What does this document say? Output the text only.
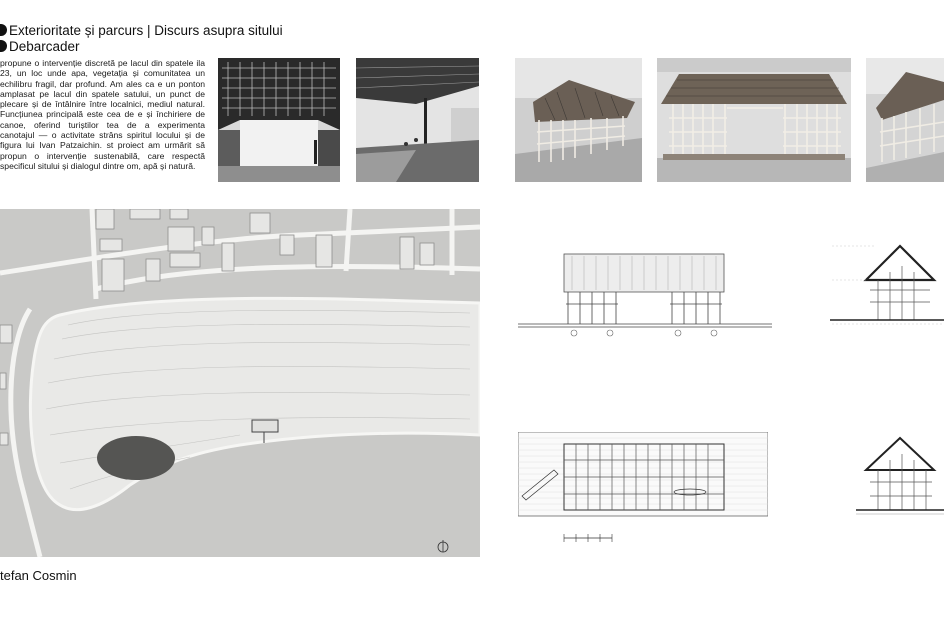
Exterioritate și parcurs | Discurs asupra sitului
Debarcader
propune o intervenție discretă pe lacul din spatele ila 23, un loc unde apa, vegetația și comunitatea un echilibru fragil, dar profund. Am ales ca e un ponton amplasat pe lacul din spatele satului, un punct de plecare și de întâlnire între localnici, mediul natural. Funcțiunea principală este cea de e și închiriere de canoe, oferind turiștilor tea de a experimenta canotajul — o activitate strâns spiritul locului și de figura lui Ivan Patzaichin. st proiect am urmărit să propun o intervenție sustenabilă, care respectă specificul sitului și dialogul dintre om, apă și natură.
tefan Cosmin
